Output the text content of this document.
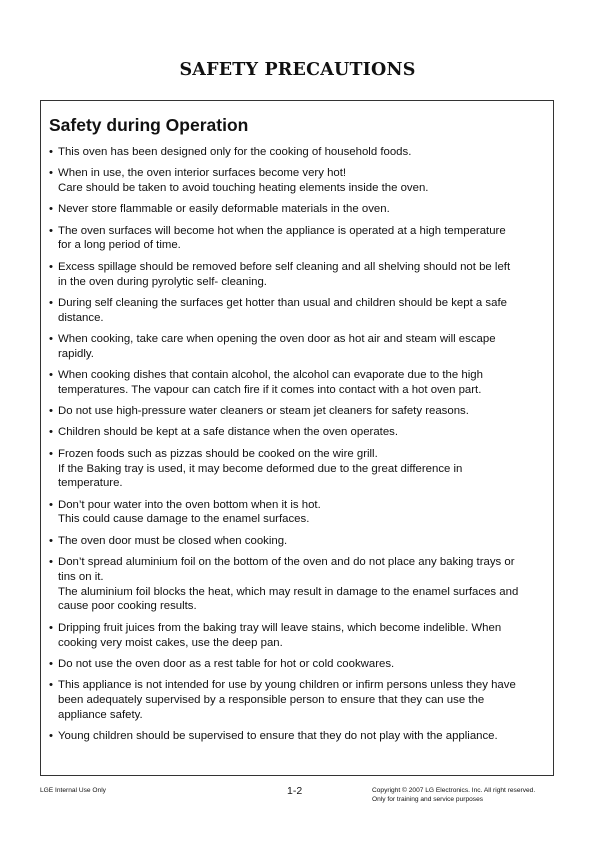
SAFETY PRECAUTIONS
Safety during Operation
• This oven has been designed only for the cooking of household foods.
• When in use, the oven interior surfaces become very hot!
Care should be taken to avoid touching heating elements inside the oven.
• Never store flammable or easily deformable materials in the oven.
• The oven surfaces will become hot when the appliance is operated at a high temperature
for a long period of time.
• Excess spillage should be removed before self cleaning and all shelving should not be left
in the oven during pyrolytic self- cleaning.
• During self cleaning the surfaces get hotter than usual and children should be kept a safe
distance.
• When cooking, take care when opening the oven door as hot air and steam will escape
rapidly.
• When cooking dishes that contain alcohol, the alcohol can evaporate due to the high
temperatures. The vapour can catch fire if it comes into contact with a hot oven part.
• Do not use high-pressure water cleaners or steam jet cleaners for safety reasons.
• Children should be kept at a safe distance when the oven operates.
• Frozen foods such as pizzas should be cooked on the wire grill.
If the Baking tray is used, it may become deformed due to the great difference in
temperature.
• Don’t pour water into the oven bottom when it is hot.
This could cause damage to the enamel surfaces.
• The oven door must be closed when cooking.
• Don’t spread aluminium foil on the bottom of the oven and do not place any baking trays or
tins on it.
The aluminium foil blocks the heat, which may result in damage to the enamel surfaces and
cause poor cooking results.
• Dripping fruit juices from the baking tray will leave stains, which become indelible. When
cooking very moist cakes, use the deep pan.
• Do not use the oven door as a rest table for hot or cold cookwares.
• This appliance is not intended for use by young children or infirm persons unless they have
been adequately supervised by a responsible person to ensure that they can use the
appliance safety.
• Young children should be supervised to ensure that they do not play with the appliance.
LGE Internal Use Only	1-2	Copyright © 2007 LG Electronics. Inc. All right reserved.
Only for training and service purposes
